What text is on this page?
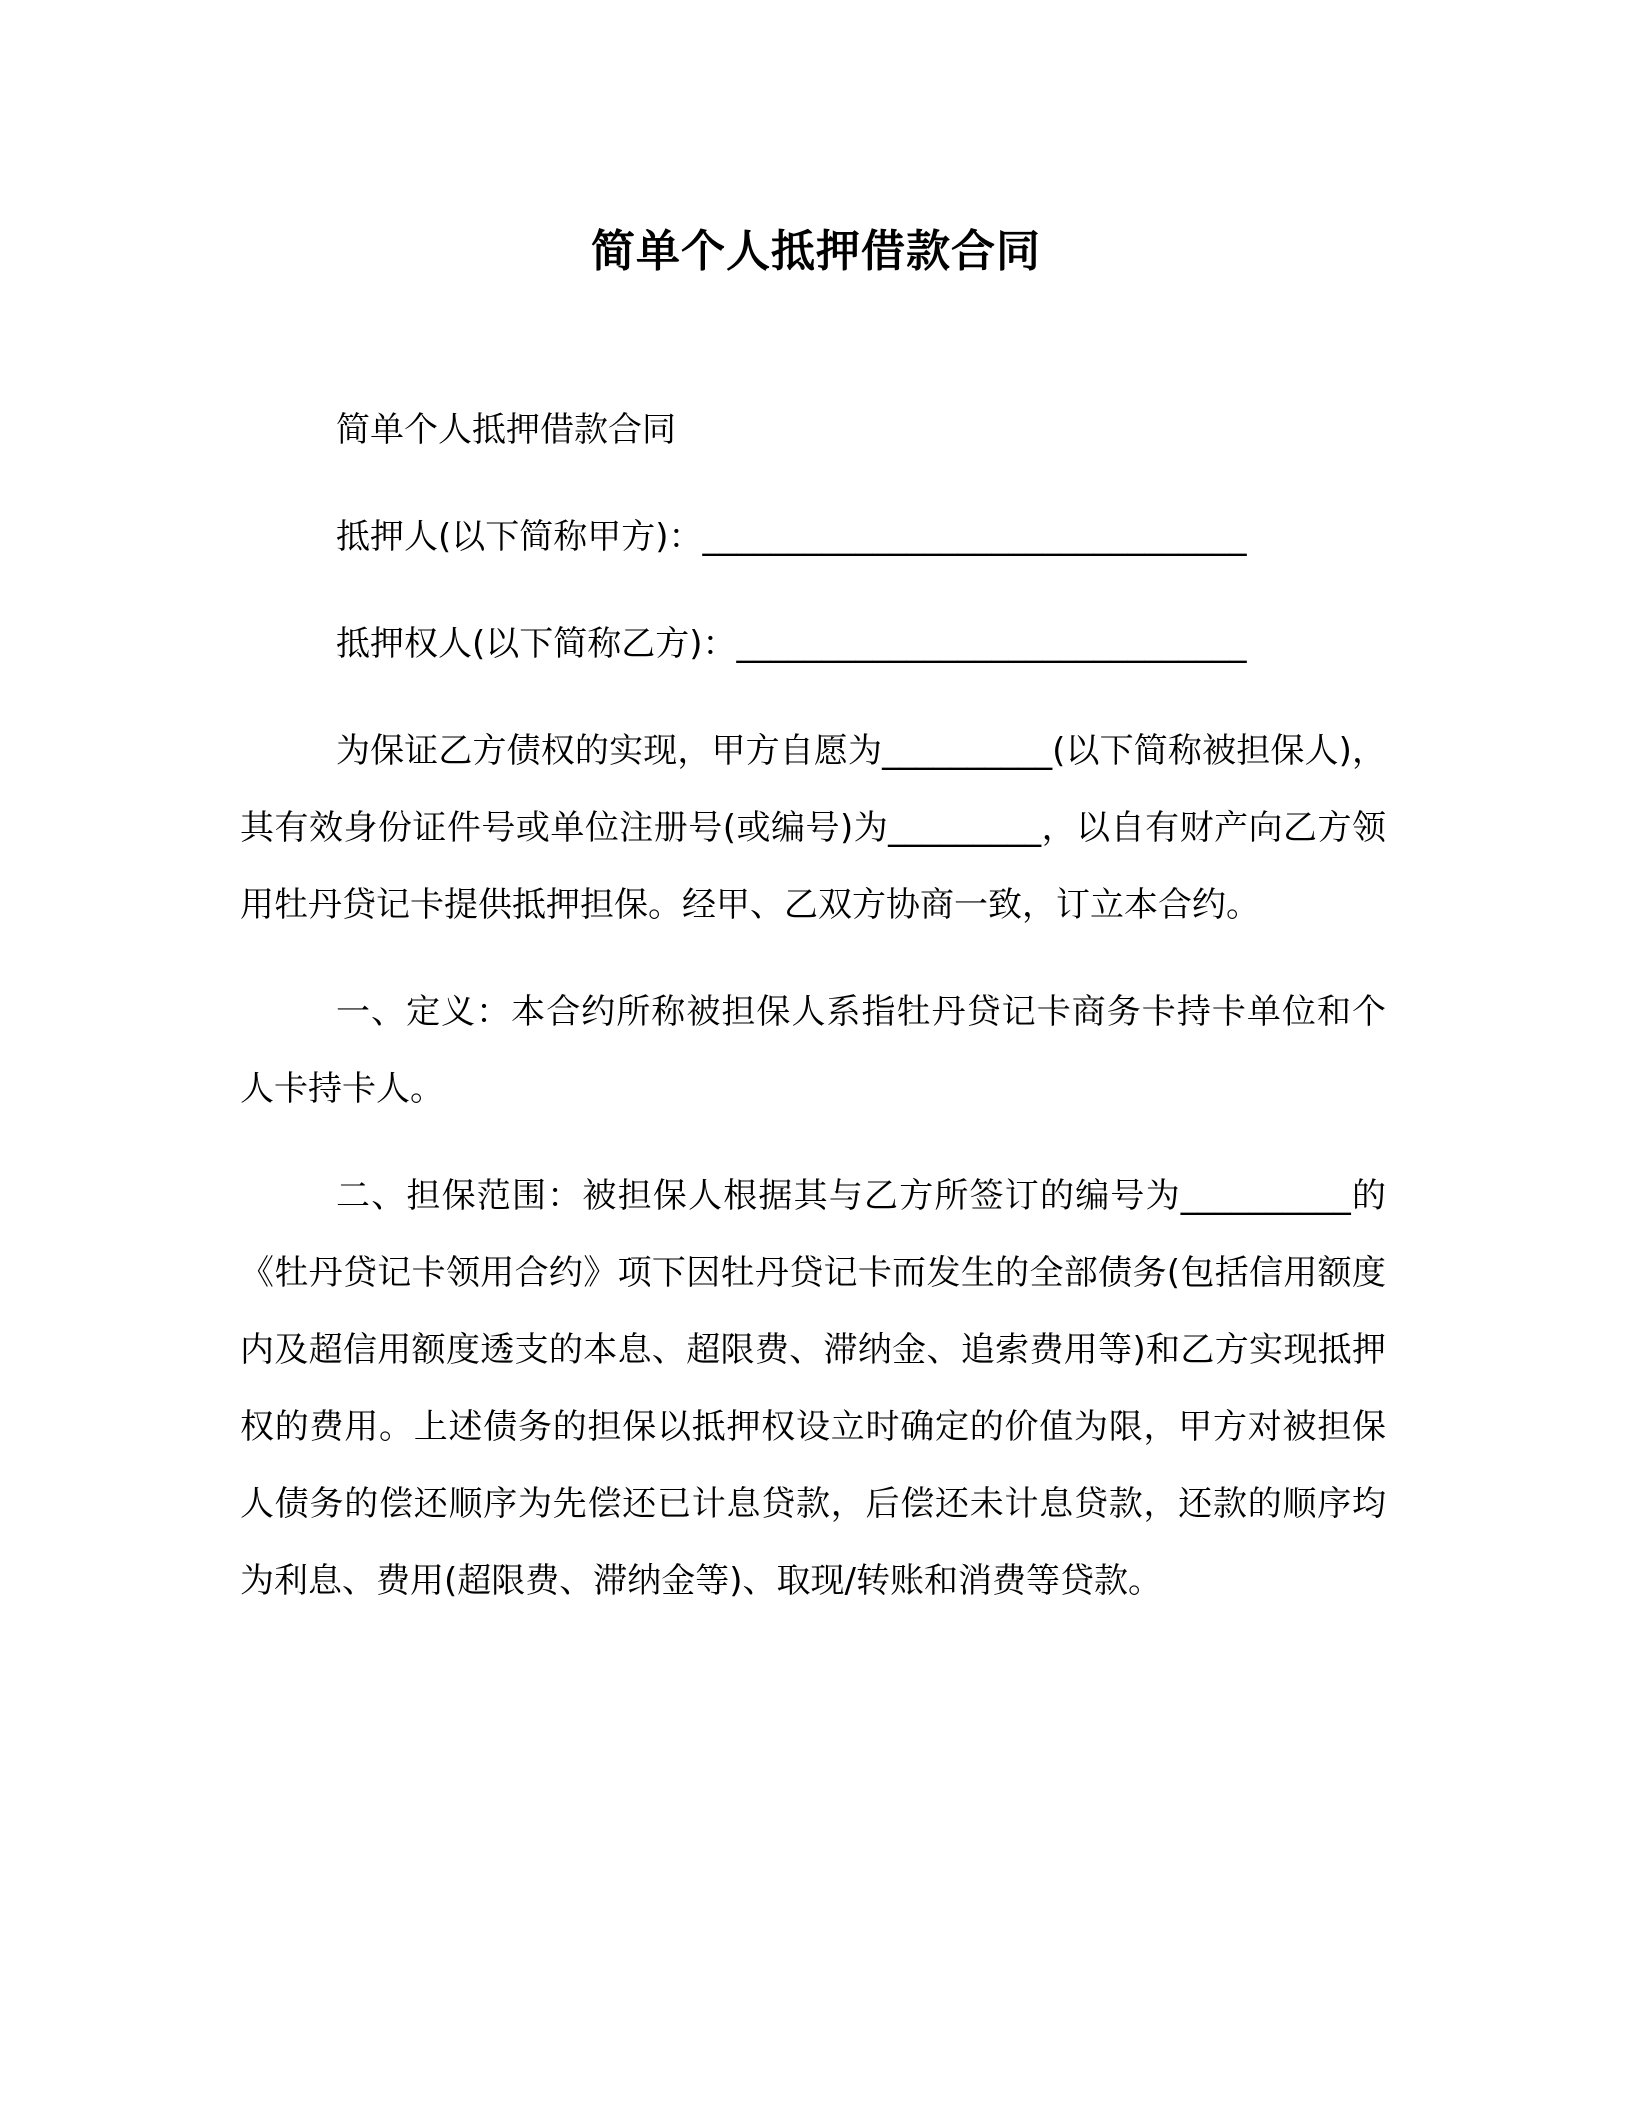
简单个人抵押借款合同

简单个人抵押借款合同

抵押人(以下简称甲方)：________________________________

抵押权人(以下简称乙方)：______________________________

为保证乙方债权的实现，甲方自愿为__________(以下简称被担保人)，其有效身份证件号或单位注册号(或编号)为_________，以自有财产向乙方领用牡丹贷记卡提供抵押担保。经甲、乙双方协商一致，订立本合约。

一、定义：本合约所称被担保人系指牡丹贷记卡商务卡持卡单位和个人卡持卡人。

二、担保范围：被担保人根据其与乙方所签订的编号为__________的《牡丹贷记卡领用合约》项下因牡丹贷记卡而发生的全部债务(包括信用额度内及超信用额度透支的本息、超限费、滞纳金、追索费用等)和乙方实现抵押权的费用。上述债务的担保以抵押权设立时确定的价值为限，甲方对被担保人债务的偿还顺序为先偿还已计息贷款，后偿还未计息贷款，还款的顺序均为利息、费用(超限费、滞纳金等)、取现/转账和消费等贷款。
